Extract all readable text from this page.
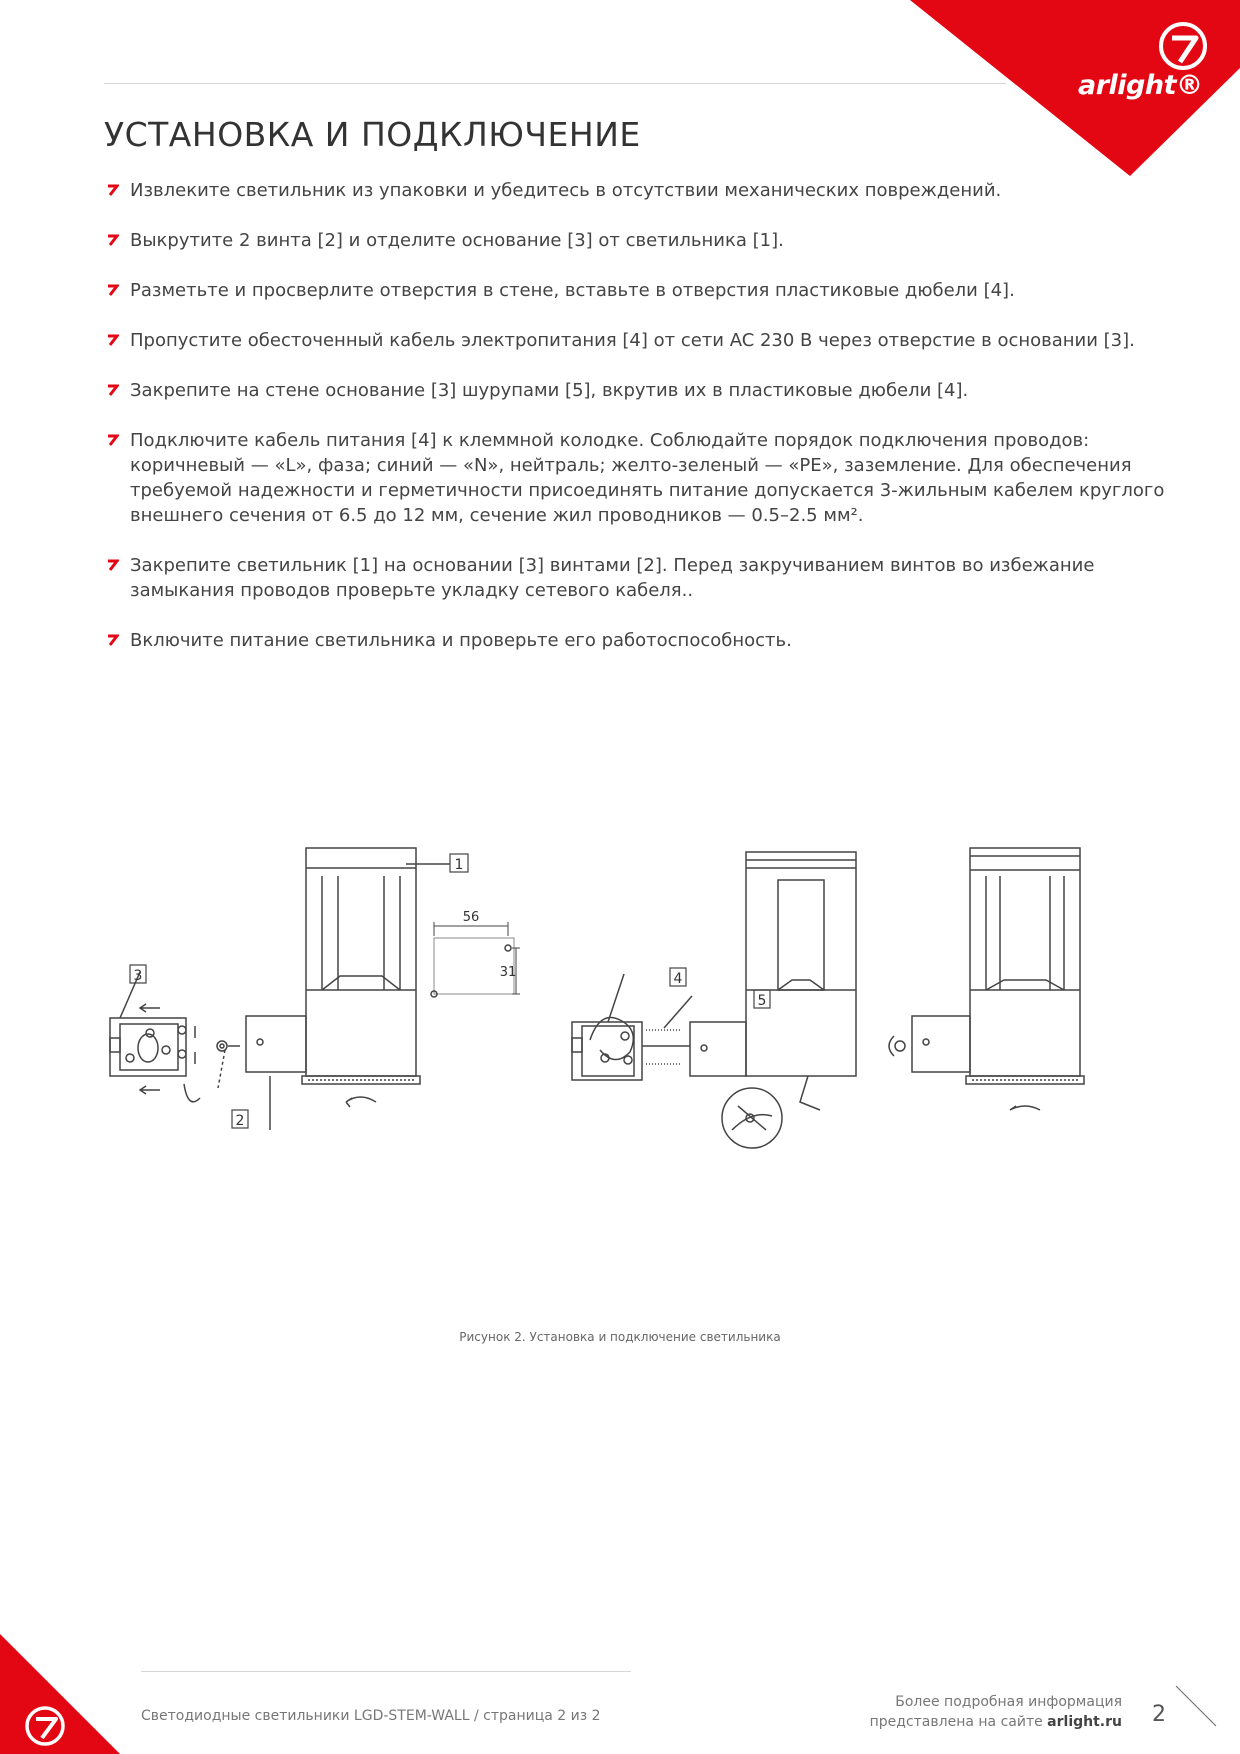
arlight®
УСТАНОВКА И ПОДКЛЮЧЕНИЕ
Извлеките светильник из упаковки и убедитесь в отсутствии механических повреждений.
Выкрутите 2 винта [2] и отделите основание [3] от светильника [1].
Разметьте и просверлите отверстия в стене, вставьте в отверстия пластиковые дюбели [4].
Пропустите обесточенный кабель электропитания [4] от сети AC 230 В через отверстие в основании [3].
Закрепите на стене основание [3] шурупами [5], вкрутив их в пластиковые дюбели [4].
Подключите кабель питания [4] к клеммной колодке. Соблюдайте порядок подключения проводов: коричневый — «L», фаза; синий — «N», нейтраль; желто-зеленый — «PE», заземление. Для обеспечения требуемой надежности и герметичности присоединять питание допускается 3-жильным кабелем круглого внешнего сечения от 6.5 до 12 мм, сечение жил проводников — 0.5–2.5 мм².
Закрепите светильник [1] на основании [3] винтами [2]. Перед закручиванием винтов во избежание замыкания проводов проверьте укладку сетевого кабеля..
Включите питание светильника и проверьте его работоспособность.
1
2
3	4
5
56
31
Рисунок 2. Установка и подключение светильника
Светодиодные светильники LGD-STEM-WALL / страница 2 из 2
Более подробная информация
представлена на сайте arlight.ru 2
